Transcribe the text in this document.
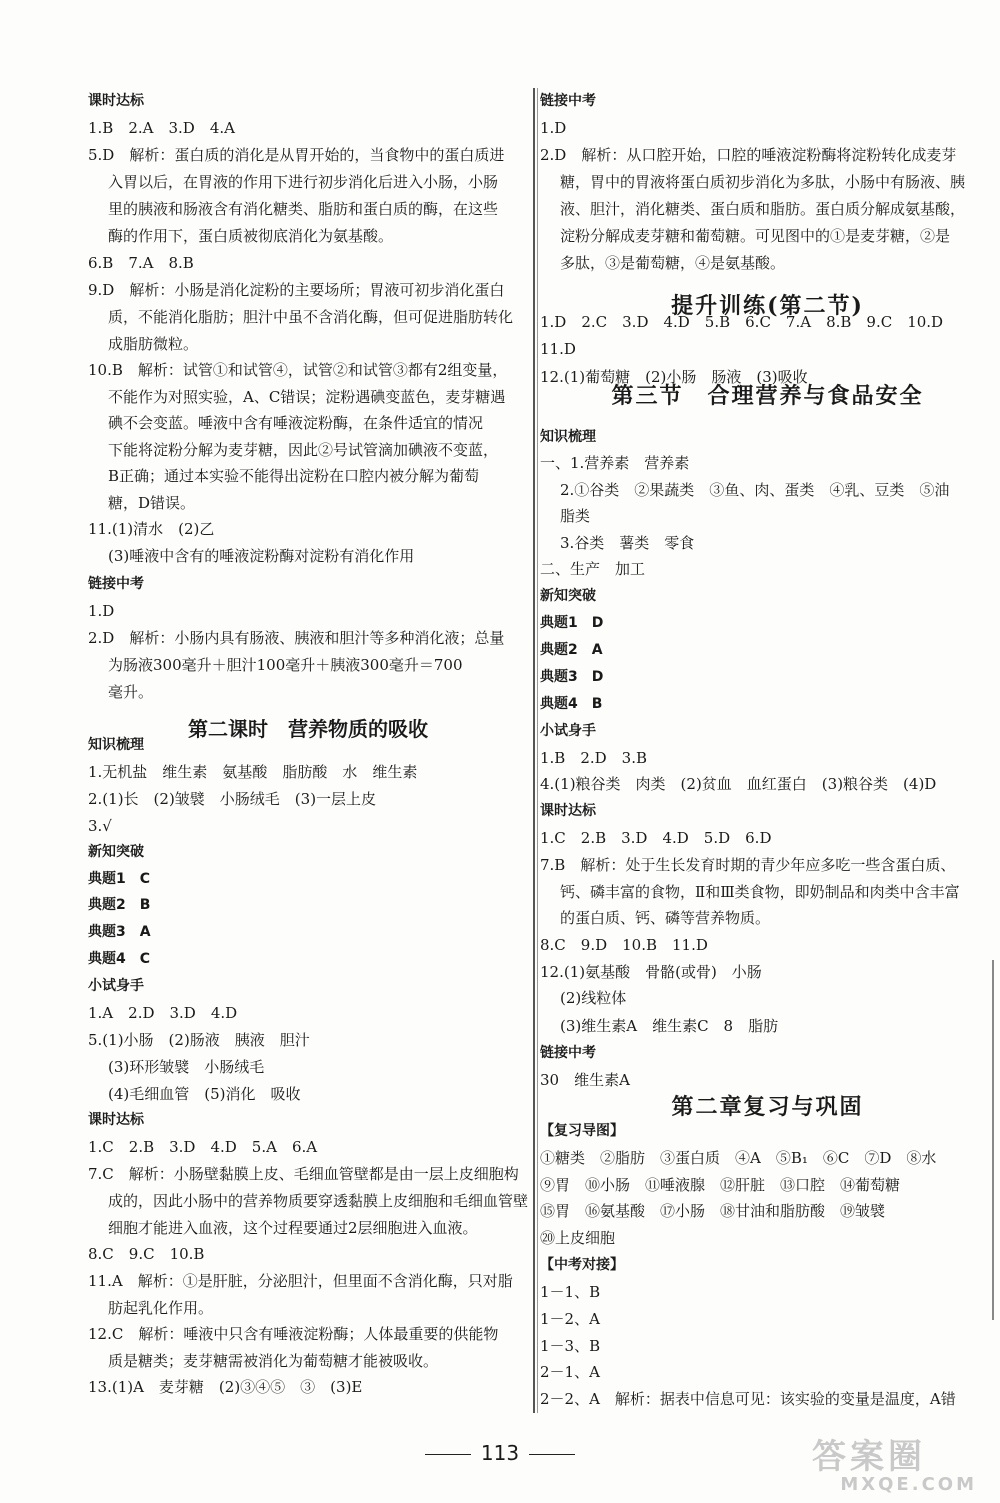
课时达标
1.B　2.A　3.D　4.A
5.D　解析：蛋白质的消化是从胃开始的，当食物中的蛋白质进
入胃以后，在胃液的作用下进行初步消化后进入小肠，小肠
里的胰液和肠液含有消化糖类、脂肪和蛋白质的酶，在这些
酶的作用下，蛋白质被彻底消化为氨基酸。
6.B　7.A　8.B
9.D　解析：小肠是消化淀粉的主要场所；胃液可初步消化蛋白
质，不能消化脂肪；胆汁中虽不含消化酶，但可促进脂肪转化
成脂肪微粒。
10.B　解析：试管①和试管④，试管②和试管③都有2组变量，
不能作为对照实验，A、C错误；淀粉遇碘变蓝色，麦芽糖遇
碘不会变蓝。唾液中含有唾液淀粉酶，在条件适宜的情况
下能将淀粉分解为麦芽糖，因此②号试管滴加碘液不变蓝，
B正确；通过本实验不能得出淀粉在口腔内被分解为葡萄
糖，D错误。
11.(1)清水　(2)乙
(3)唾液中含有的唾液淀粉酶对淀粉有消化作用
链接中考
1.D
2.D　解析：小肠内具有肠液、胰液和胆汁等多种消化液；总量
为肠液300毫升＋胆汁100毫升＋胰液300毫升＝700
毫升。
第二课时　营养物质的吸收
知识梳理
1.无机盐　维生素　氨基酸　脂肪酸　水　维生素
2.(1)长　(2)皱襞　小肠绒毛　(3)一层上皮
3.√
新知突破
典题1　C
典题2　B
典题3　A
典题4　C
小试身手
1.A　2.D　3.D　4.D
5.(1)小肠　(2)肠液　胰液　胆汁
(3)环形皱襞　小肠绒毛
(4)毛细血管　(5)消化　吸收
课时达标
1.C　2.B　3.D　4.D　5.A　6.A
7.C　解析：小肠壁黏膜上皮、毛细血管壁都是由一层上皮细胞构
成的，因此小肠中的营养物质要穿透黏膜上皮细胞和毛细血管壁
细胞才能进入血液，这个过程要通过2层细胞进入血液。
8.C　9.C　10.B
11.A　解析：①是肝脏，分泌胆汁，但里面不含消化酶，只对脂
肪起乳化作用。
12.C　解析：唾液中只含有唾液淀粉酶；人体最重要的供能物
质是糖类；麦芽糖需被消化为葡萄糖才能被吸收。
13.(1)A　麦芽糖　(2)③④⑤　③　(3)E
链接中考
1.D
2.D　解析：从口腔开始，口腔的唾液淀粉酶将淀粉转化成麦芽
糖，胃中的胃液将蛋白质初步消化为多肽，小肠中有肠液、胰
液、胆汁，消化糖类、蛋白质和脂肪。蛋白质分解成氨基酸，
淀粉分解成麦芽糖和葡萄糖。可见图中的①是麦芽糖，②是
多肽，③是葡萄糖，④是氨基酸。
提升训练(第二节)
1.D　2.C　3.D　4.D　5.B　6.C　7.A　8.B　9.C　10.D
11.D
12.(1)葡萄糖　(2)小肠　肠液　(3)吸收
第三节　合理营养与食品安全
知识梳理
一、1.营养素　营养素
2.①谷类　②果蔬类　③鱼、肉、蛋类　④乳、豆类　⑤油
脂类
3.谷类　薯类　零食
二、生产　加工
新知突破
典题1　D
典题2　A
典题3　D
典题4　B
小试身手
1.B　2.D　3.B
4.(1)粮谷类　肉类　(2)贫血　血红蛋白　(3)粮谷类　(4)D
课时达标
1.C　2.B　3.D　4.D　5.D　6.D
7.B　解析：处于生长发育时期的青少年应多吃一些含蛋白质、
钙、磷丰富的食物，Ⅱ和Ⅲ类食物，即奶制品和肉类中含丰富
的蛋白质、钙、磷等营养物质。
8.C　9.D　10.B　11.D
12.(1)氨基酸　骨骼(或骨)　小肠
(2)线粒体
(3)维生素A　维生素C　8　脂肪
链接中考
30　维生素A
第二章复习与巩固
【复习导图】
①糖类　②脂肪　③蛋白质　④A　⑤B₁　⑥C　⑦D　⑧水
⑨胃　⑩小肠　⑪唾液腺　⑫肝脏　⑬口腔　⑭葡萄糖
⑮胃　⑯氨基酸　⑰小肠　⑱甘油和脂肪酸　⑲皱襞
⑳上皮细胞
【中考对接】
1－1、B
1－2、A
1－3、B
2－1、A
2－2、A　解析：据表中信息可见：该实验的变量是温度，A错
113	答案圈
MXQE.COM
